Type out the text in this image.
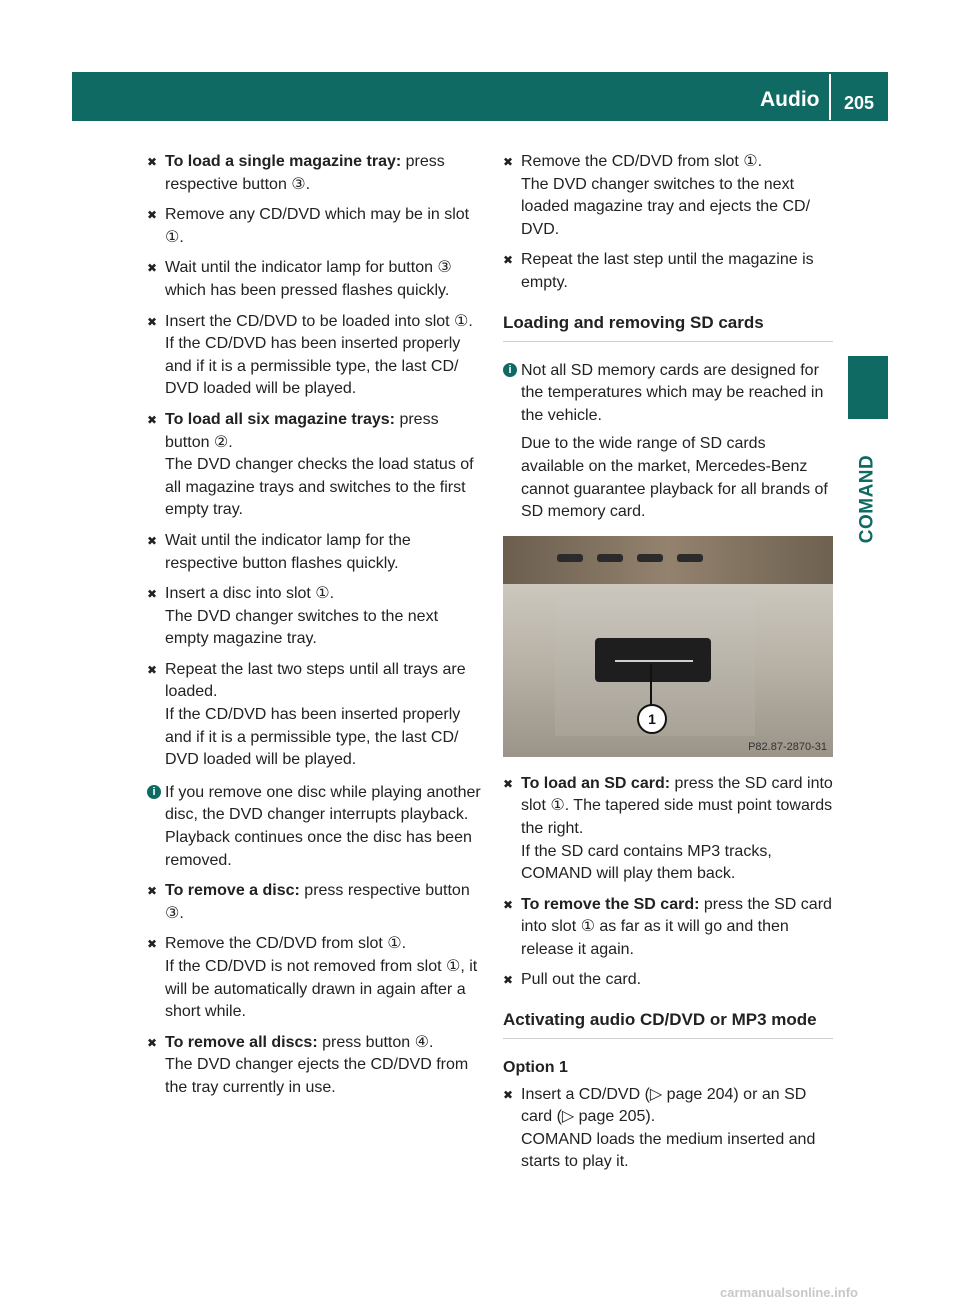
Audio 205
COMAND
✖ To load a single magazine tray: press respective button ③.
✖ Remove any CD/DVD which may be in slot ①.
✖ Wait until the indicator lamp for button ③ which has been pressed flashes quickly.
✖ Insert the CD/DVD to be loaded into slot ①.
If the CD/DVD has been inserted properly and if it is a permissible type, the last CD/ DVD loaded will be played.
✖ To load all six magazine trays: press button ②.
The DVD changer checks the load status of all magazine trays and switches to the first empty tray.
✖ Wait until the indicator lamp for the respective button flashes quickly.
✖ Insert a disc into slot ①.
The DVD changer switches to the next empty magazine tray.
✖ Repeat the last two steps until all trays are loaded.
If the CD/DVD has been inserted properly and if it is a permissible type, the last CD/ DVD loaded will be played.
i If you remove one disc while playing another disc, the DVD changer interrupts playback. Playback continues once the disc has been removed.

✖ To remove a disc: press respective button ③.
✖ Remove the CD/DVD from slot ①.
If the CD/DVD is not removed from slot ①, it will be automatically drawn in again after a short while.
✖ To remove all discs: press button ④.
The DVD changer ejects the CD/DVD from the tray currently in use.
✖ Remove the CD/DVD from slot ①.
The DVD changer switches to the next loaded magazine tray and ejects the CD/ DVD.
✖ Repeat the last step until the magazine is empty.
Loading and removing SD cards
i Not all SD memory cards are designed for the temperatures which may be reached in the vehicle.

Due to the wide range of SD cards available on the market, Mercedes-Benz cannot guarantee playback for all brands of SD memory card.

1
P82.87-2870-31
✖ To load an SD card: press the SD card into slot ①. The tapered side must point towards the right.
If the SD card contains MP3 tracks, COMAND will play them back.
✖ To remove the SD card: press the SD card into slot ① as far as it will go and then release it again.
✖ Pull out the card.
Activating audio CD/DVD or MP3 mode
Option 1
✖ Insert a CD/DVD (▷ page 204) or an SD card (▷ page 205).
COMAND loads the medium inserted and starts to play it.
carmanualsonline.info
